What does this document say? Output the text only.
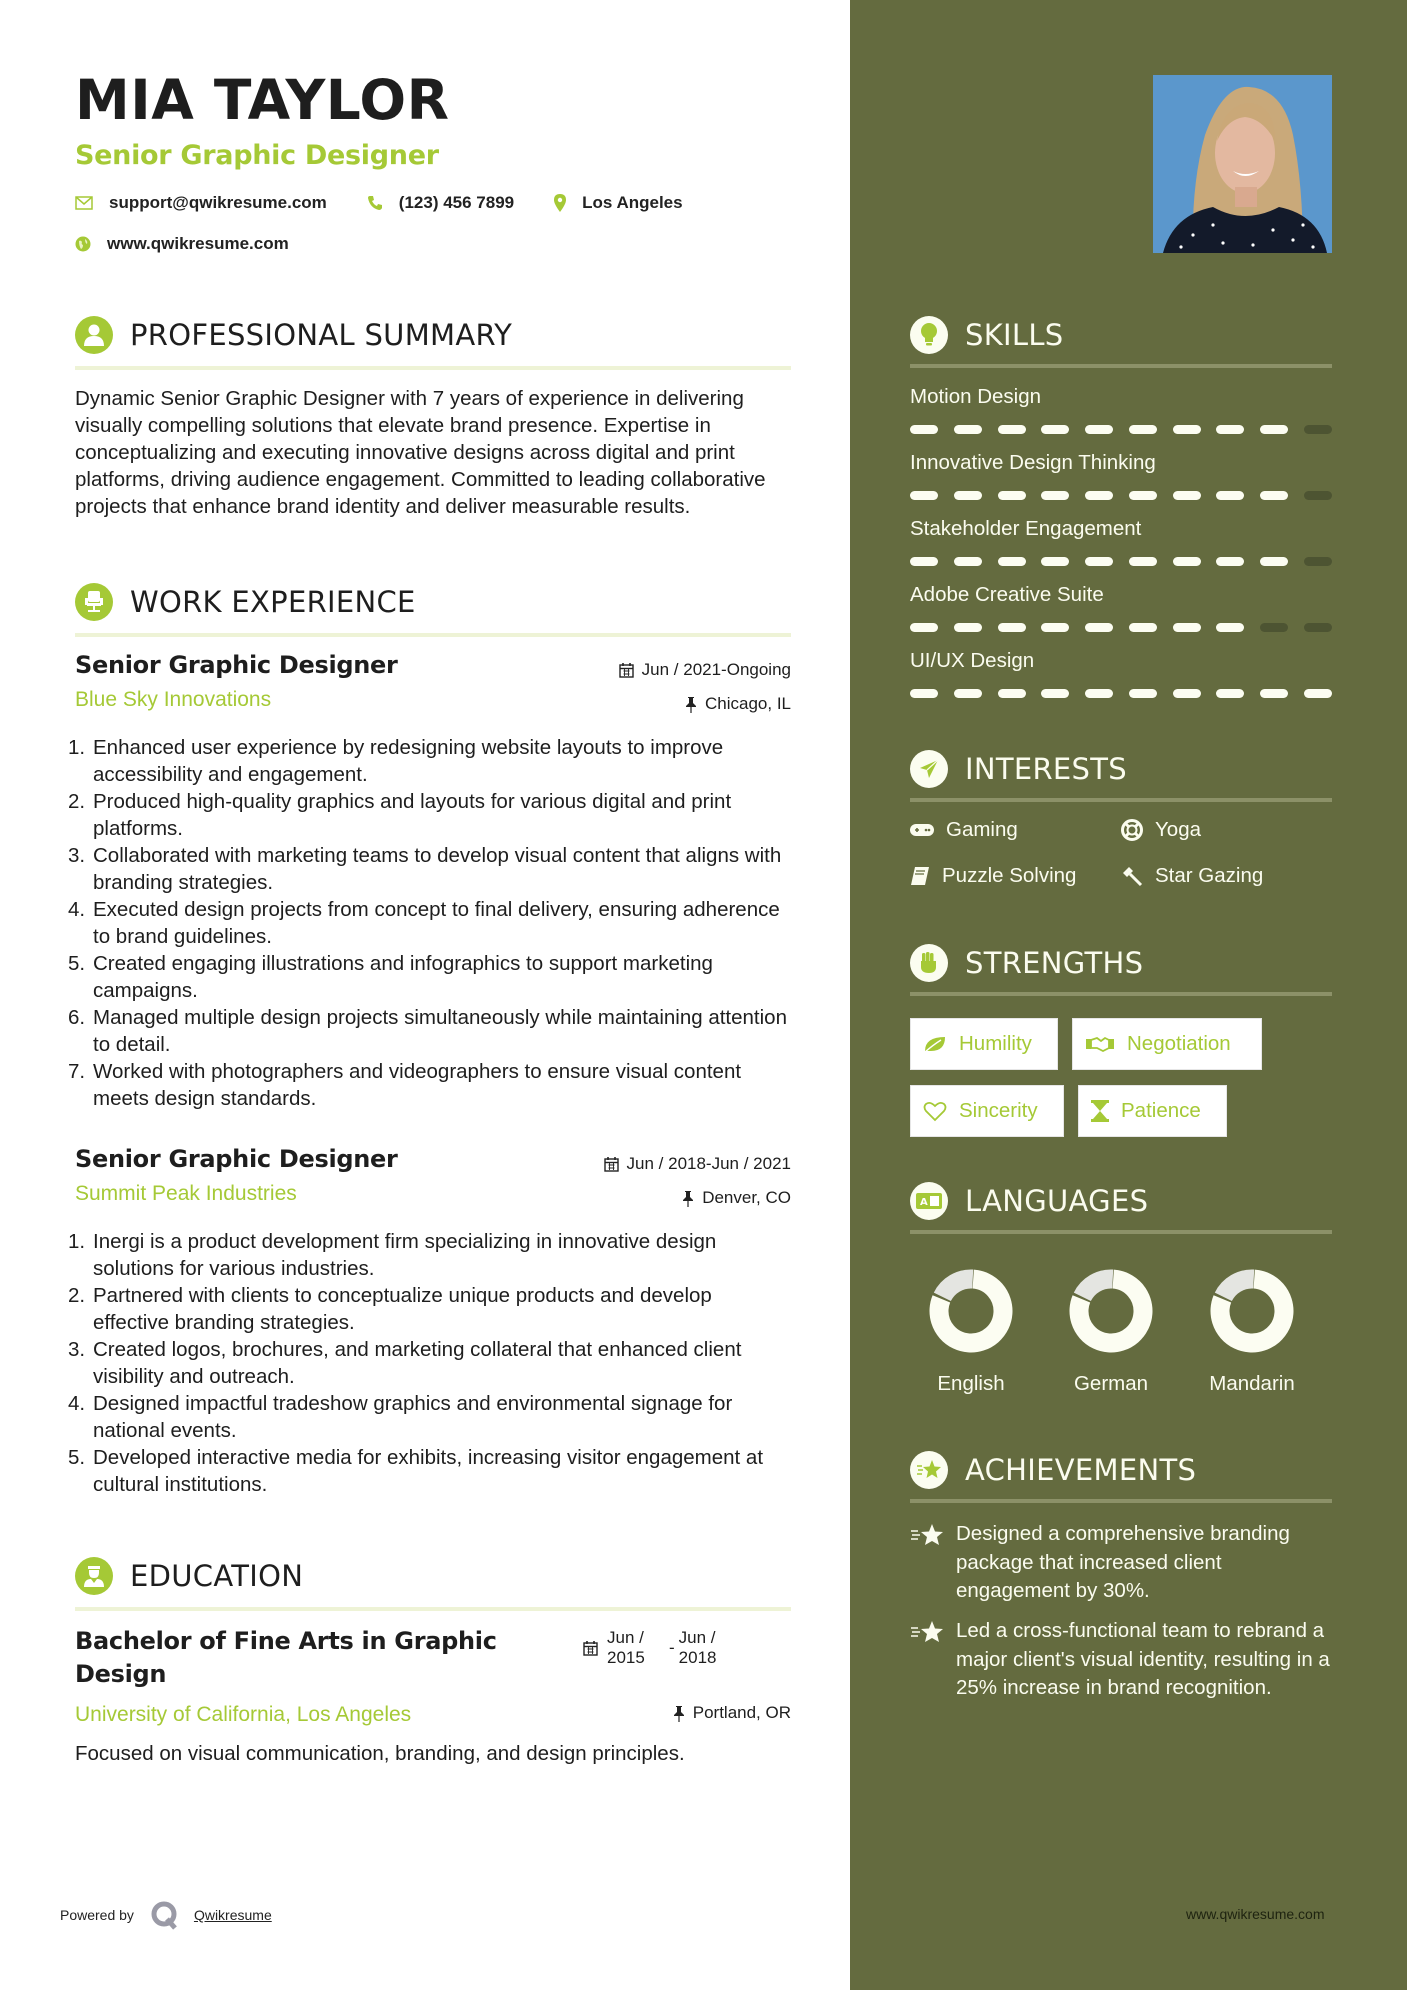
MIA TAYLOR
Senior Graphic Designer
support@qwikresume.com	(123) 456 7899	Los Angeles
www.qwikresume.com
PROFESSIONAL SUMMARY
Dynamic Senior Graphic Designer with 7 years of experience in delivering visually compelling solutions that elevate brand presence. Expertise in conceptualizing and executing innovative designs across digital and print platforms, driving audience engagement. Committed to leading collaborative projects that enhance brand identity and deliver measurable results.
WORK EXPERIENCE
Senior Graphic Designer
Blue Sky Innovations
Jun / 2021-Ongoing
Chicago, IL
1. Enhanced user experience by redesigning website layouts to improve accessibility and engagement.
2. Produced high-quality graphics and layouts for various digital and print platforms.
3. Collaborated with marketing teams to develop visual content that aligns with branding strategies.
4. Executed design projects from concept to final delivery, ensuring adherence to brand guidelines.
5. Created engaging illustrations and infographics to support marketing campaigns.
6. Managed multiple design projects simultaneously while maintaining attention to detail.
7. Worked with photographers and videographers to ensure visual content meets design standards.
Senior Graphic Designer
Summit Peak Industries
Jun / 2018-Jun / 2021
Denver, CO
1. Inergi is a product development firm specializing in innovative design solutions for various industries.
2. Partnered with clients to conceptualize unique products and develop effective branding strategies.
3. Created logos, brochures, and marketing collateral that enhanced client visibility and outreach.
4. Designed impactful tradeshow graphics and environmental signage for national events.
5. Developed interactive media for exhibits, increasing visitor engagement at cultural institutions.
EDUCATION
Bachelor of Fine Arts in Graphic Design
University of California, Los Angeles
Jun / 2015
-
Jun / 2018
Portland, OR
Focused on visual communication, branding, and design principles.
Powered by	Qwikresume
SKILLS
Motion Design
Innovative Design Thinking
Stakeholder Engagement
Adobe Creative Suite
UI/UX Design
INTERESTS
Gaming	Yoga
Puzzle Solving	Star Gazing
STRENGTHS
Humility	Negotiation
Sincerity	Patience
A LANGUAGES
English	German	Mandarin
ACHIEVEMENTS
Designed a comprehensive branding package that increased client engagement by 30%.
Led a cross-functional team to rebrand a major client's visual identity, resulting in a 25% increase in brand recognition.
www.qwikresume.com
